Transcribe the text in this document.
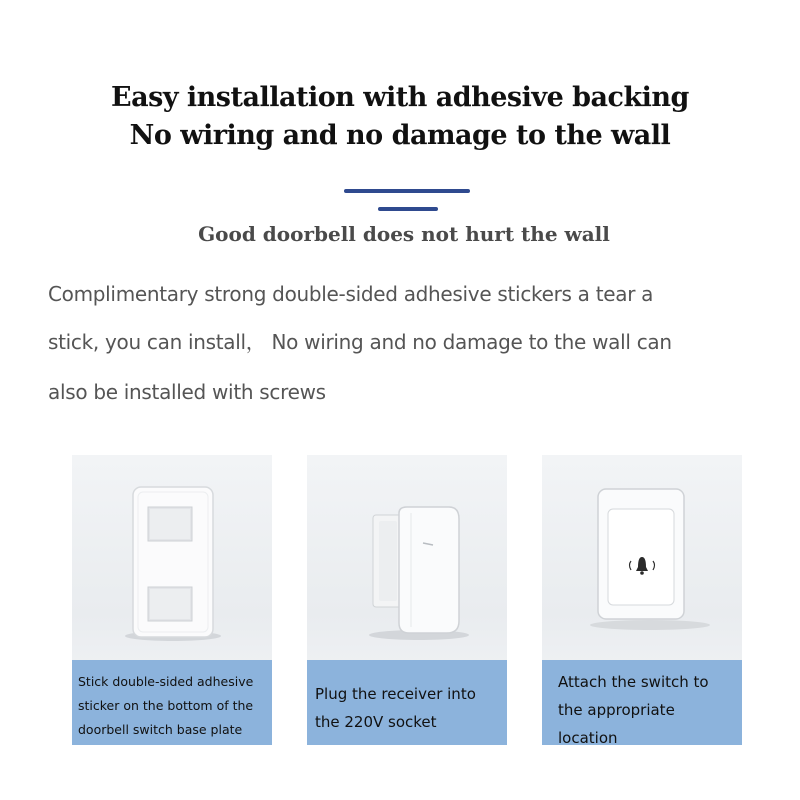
Easy installation with adhesive backing
No wiring and no damage to the wall
Good doorbell does not hurt the wall
Complimentary strong double-sided adhesive stickers a tear a
stick, you can install， No wiring and no damage to the wall can
also be installed with screws
Stick double-sided adhesive
sticker on the bottom of the
doorbell switch base plate
Plug the receiver into
the 220V socket
Attach the switch to
the appropriate
location
